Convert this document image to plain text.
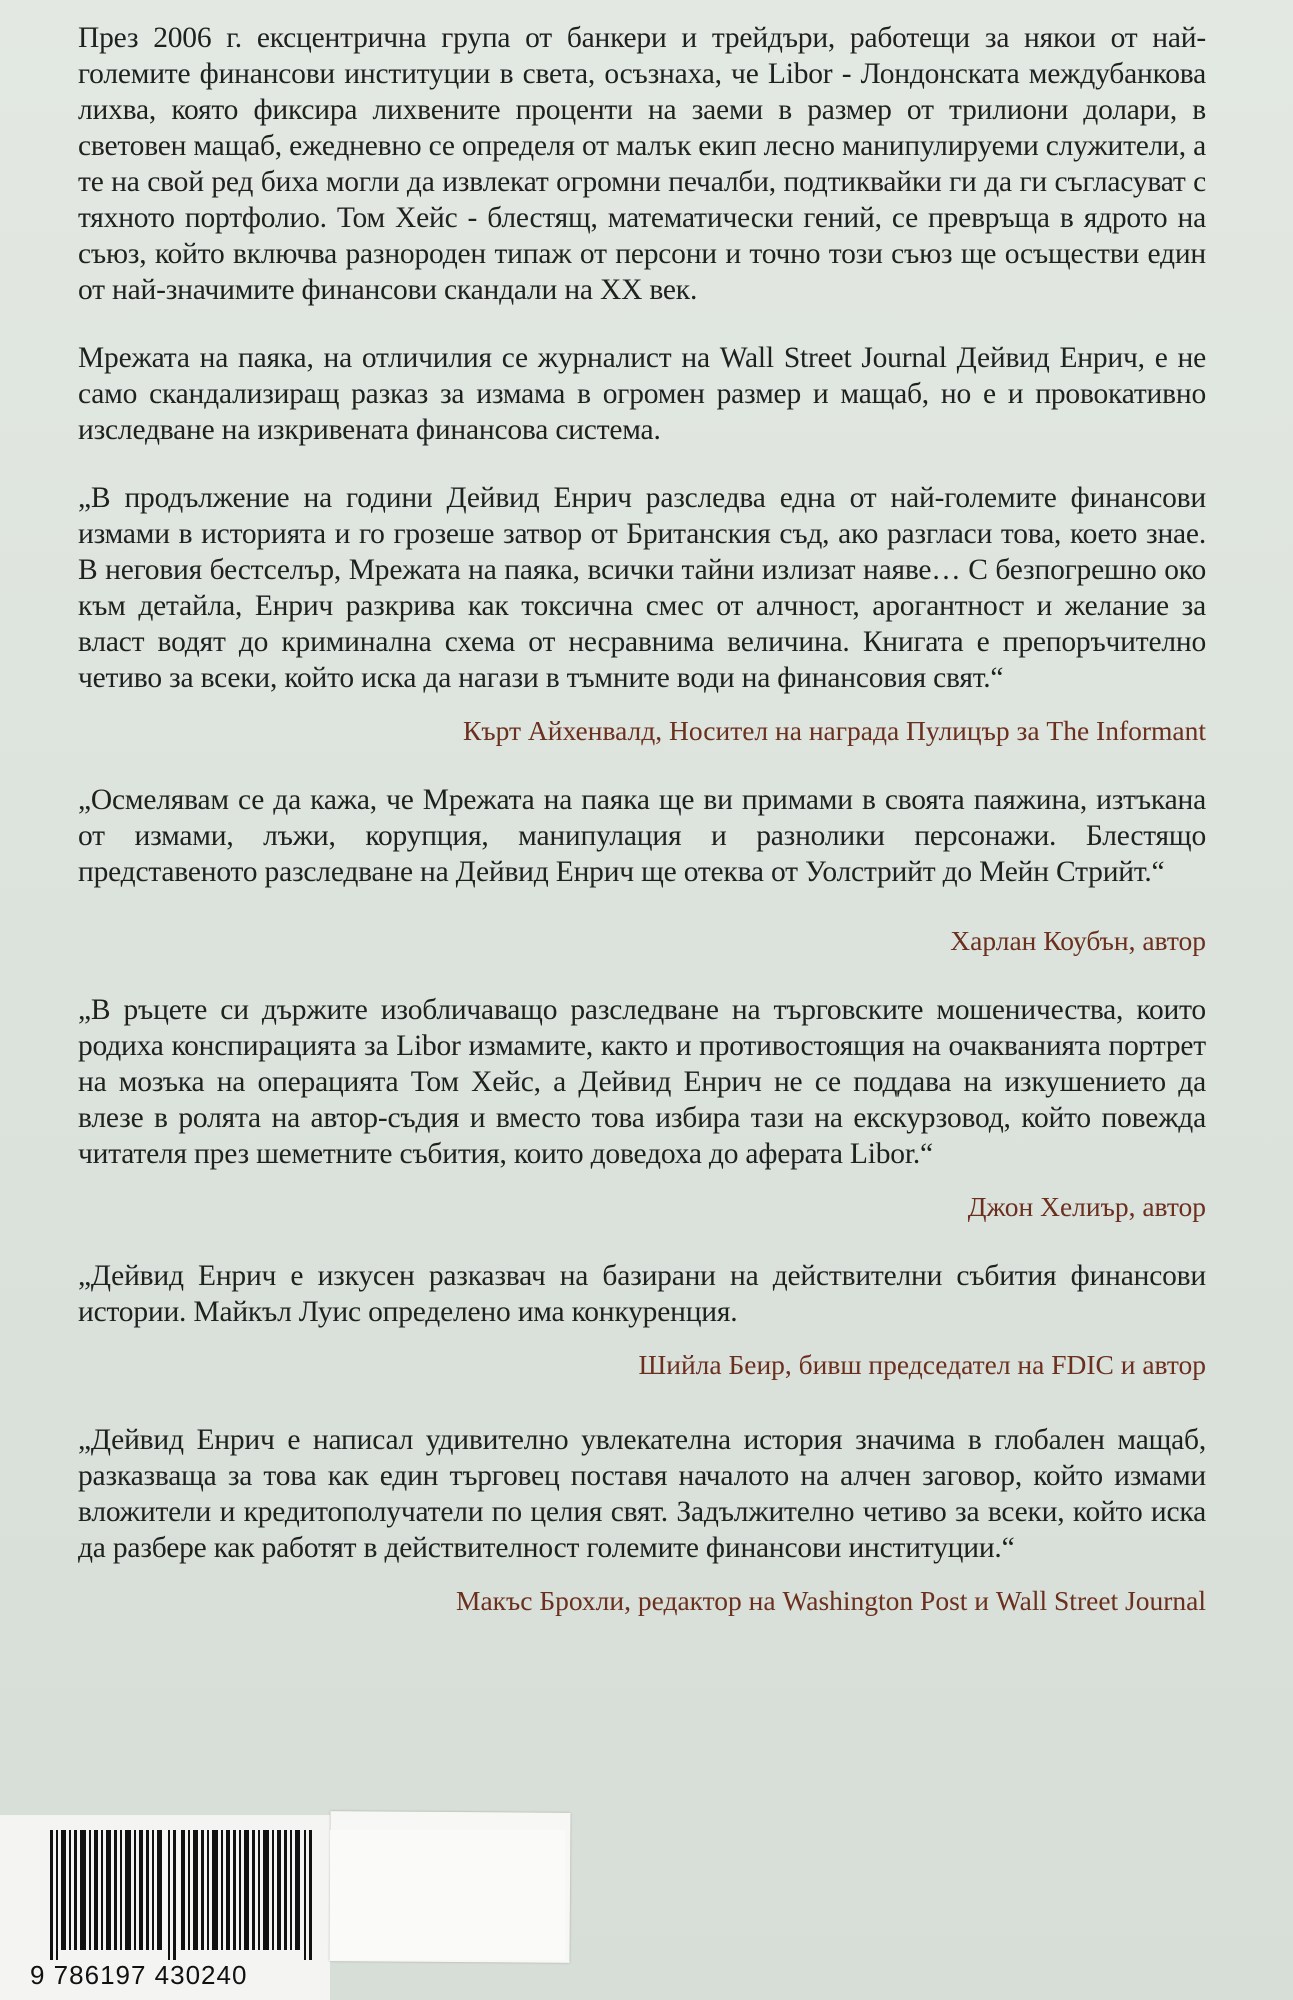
През 2006 г. ексцентрична група от банкери и трейдъри, работещи за някои от най-големите финансови институции в света, осъзнаха, че Libor - Лондонската междубанкова лихва, която фиксира лихвените проценти на заеми в размер от трилиони долари, в световен мащаб, ежедневно се определя от малък екип лесно манипулируеми служители, а те на свой ред биха могли да извлекат огромни печалби, подтиквайки ги да ги съгласуват с тяхното портфолио. Том Хейс - блестящ, математически гений, се превръща в ядрото на съюз, който включва разнороден типаж от персони и точно този съюз ще осъществи един от най-значимите финансови скандали на XX век.

Мрежата на паяка, на отличилия се журналист на Wall Street Journal Дейвид Енрич, е не само скандализиращ разказ за измама в огромен размер и мащаб, но е и провокативно изследване на изкривената финансова система.

„В продължение на години Дейвид Енрич разследва една от най-големите финансови измами в историята и го грозеше затвор от Британския съд, ако разгласи това, което знае. В неговия бестселър, Мрежата на паяка, всички тайни излизат наяве… С безпогрешно око към детайла, Енрич разкрива как токсична смес от алчност, арогантност и желание за власт водят до криминална схема от несравнима величина. Книгата е препоръчително четиво за всеки, който иска да нагази в тъмните води на финансовия свят.“

Кърт Айхенвалд, Носител на награда Пулицър за The Informant

„Осмелявам се да кажа, че Мрежата на паяка ще ви примами в своята паяжина, изтъкана от измами, лъжи, корупция, манипулация и разнолики персонажи. Блестящо представеното разследване на Дейвид Енрич ще отеква от Уолстрийт до Мейн Стрийт.“

Харлан Коубън, автор

„В ръцете си държите изобличаващо разследване на търговските мошеничества, които родиха конспирацията за Libor измамите, както и противостоящия на очакванията портрет на мозъка на операцията Том Хейс, а Дейвид Енрич не се поддава на изкушението да влезе в ролята на автор-съдия и вместо това избира тази на екскурзовод, който повежда читателя през шеметните събития, които доведоха до аферата Libor.“

Джон Хелиър, автор

„Дейвид Енрич е изкусен разказвач на базирани на действителни събития финансови истории. Майкъл Луис определено има конкуренция.

Шийла Беир, бивш председател на FDIC и автор

„Дейвид Енрич е написал удивително увлекателна история значима в глобален мащаб, разказваща за това как един търговец поставя началото на алчен заговор, който измами вложители и кредитополучатели по целия свят. Задължително четиво за всеки, който иска да разбере как работят в действителност големите финансови институции.“

Макъс Брохли, редактор на Washington Post и Wall Street Journal

9 786197 430240
